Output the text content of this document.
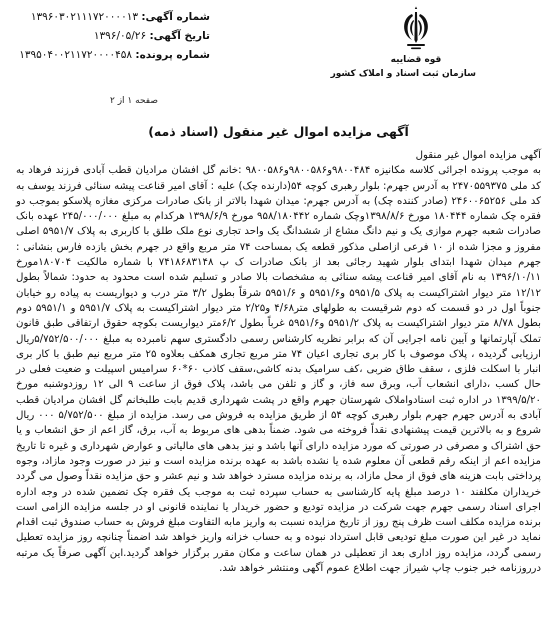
شماره آگهی: ۱۳۹۶۰۳۰۲۱۱۱۷۲۰۰۰۰۱۳
تاریخ آگهی: ۱۳۹۶/۰۵/۲۶
شماره پرونده: ۱۳۹۵۰۴۰۰۲۱۱۷۲۰۰۰۰۴۵۸	قوه قضاییه
سازمان ثبت اسناد و املاک کشور
صفحه ۱ از ۲
آگهی مزایده اموال غیر منقول (اسناد ذمه)
آگهی مزایده اموال غیر منقول
به موجب پرونده اجرائی کلاسه مکانیزه ۹۸۰۰۴۸۴و۹۸۰۰۵۸۶و۹۸۰۰۵۸۶ :خانم گل افشان مرادیان قطب آبادی فرزند فرهاد به کد ملی ۲۴۷۰۵۵۹۳۷۵ به آدرس جهرم: بلوار رهبری کوچه ۵۴(دارنده چک) علیه : آقای امیر قناعت پیشه سنائی فرزند یوسف به کد ملی ۲۴۶۰۰۶۵۲۵۶ (صادر کننده چک) به آدرس جهرم: میدان شهدا بالاتر از بانک صادرات مرکزی مغازه پلاسکو بموجب دو فقره چک شماره ۱۸۰۴۴۴ مورخ ۱۳۹۸/۸/۶وچک شماره ۹۵۸/۱۸۰۴۴۲ مورخ ۱۳۹۸/۶/۹ هرکدام به مبلغ ۲۴۵/۰۰۰/۰۰۰ عهده بانک صادرات شعبه جهرم موازی یک و نیم دانگ مشاع از ششدانگ یک واحد تجاری نوع ملک طلق با کاربری به پلاک ۵۹۵۱/۷ اصلی مفروز و مجزا شده از ۱۰ فرعی ازاصلی مذکور قطعه یک بمساحت ۷۴ متر مربع واقع در جهرم بخش یازده فارس بنشانی : جهرم میدان شهدا ابتدای بلوار شهید رجائی بعد از بانک صادرات ک پ ۷۴۱۸۶۸۳۱۴۸ با شماره مالکیت ۱۸۰۷۰۴مورخ ۱۳۹۶/۱۰/۱۱ به نام آقای امیر قناعت پیشه سنائی به مشخصات بالا صادر و تسلیم شده است محدود به حدود: شمالاً بطول ۱۲/۱۲ متر دیوار اشتراکیست به پلاک ۵۹۵۱/۵ و۵۹۵۱/۶ و ۵۹۵۱/۶ شرقاً بطول ۳/۲ متر درب و دیواریست به پیاده رو خیابان جنوباً اول در دو قسمت که دوم شرقیست به طولهای متر۴/۶۸ و۲/۲۵ متر دیوار اشتراکیست به پلاک ۵۹۵۱/۷ و ۵۹۵۱/۱ دوم بطول ۸/۷۸ متر دیوار اشتراکیست به پلاک ۵۹۵۱/۲ و۵۹۵۱/۶ غرباً بطول ۶/۲متر دیواریست بکوچه حقوق ارتفاقی طبق قانون تملک آپارتمانها و آیین نامه اجرایی آن که برابر نظریه کارشناس رسمی دادگستری سهم نامبرده به مبلغ ۵/۷۵۲/۵۰۰/۰۰۰ریال ارزیابی گردیده ، پلاک موصوف با کار بری تجاری اعیان ۷۴ متر مربع تجاری همکف بعلاوه ۲۵ متر مربع نیم طبق با کار بری انبار با اسکلت فلزی ، سقف طاق ضربی ،کف سرامیک بدنه کاشی،سقف کاذب ۶۰*۶۰ سرامیس اسپیلت و ضعیت فعلی در حال کسب ،دارای انشعاب آب، وبرق سه فاز، و گاز و تلفن می باشد، پلاک فوق از ساعت ۹ الی ۱۲ روزدوشنبه مورخ ۱۳۹۹/۵/۲۰ در اداره ثبت اسنادواملاک شهرستان جهرم واقع در پشت شهرداری قدیم بابت طلبخانم گل افشان مرادیان قطب آبادی به آدرس جهرم جهرم بلوار رهبری کوچه ۵۴ از طریق مزایده به فروش می رسد. مزایده از مبلغ ۵/۷۵۲/۵۰۰ ۰۰۰ ریال شروع و به بالاترین قیمت پیشنهادی نقداً فروخته می شود. ضمناً بدهی های مربوط به آب، برق، گاز اعم از حق انشعاب و یا حق اشتراک و مصرفی در صورتی که مورد مزایده دارای آنها باشد و نیز بدهی های مالیاتی و عوارض شهرداری و غیره تا تاریخ مزایده اعم از اینکه رقم قطعی آن معلوم شده یا نشده باشد به عهده برنده مزایده است و نیز در صورت وجود مازاد، وجوه پرداختی بابت هزینه های فوق از محل مازاد، به برنده مزایده مسترد خواهد شد و نیم عشر و حق مزایده نقداً وصول می گردد خریداران مکلفند ۱۰ درصد مبلغ پایه کارشناسی به حساب سپرده ثبت به موجب یک فقره چک تضمین شده در وجه اداره اجرای اسناد رسمی جهرم جهت شرکت در مزایده تودیع و حضور خریدار یا نماینده قانونی او در جلسه مزایده الزامی است برنده مزایده مکلف است ظرف پنج روز از تاریخ مزایده نسبت به واریز مابه التفاوت مبلغ فروش به حساب صندوق ثبت اقدام نماید در غیر این صورت مبلغ تودیعی قابل استرداد نبوده و به حساب خزانه واریز خواهد شد اضمناً چنانچه روز مزایده تعطیل رسمی گردد، مزایده روز اداری بعد از تعطیلی در همان ساعت و مکان مقرر برگزار خواهد گردید.این آگهی صرفاً یک مرتبه درروزنامه خبر جنوب چاپ شیراز جهت اطلاع عموم آگهی ومنتشر خواهد شد.
